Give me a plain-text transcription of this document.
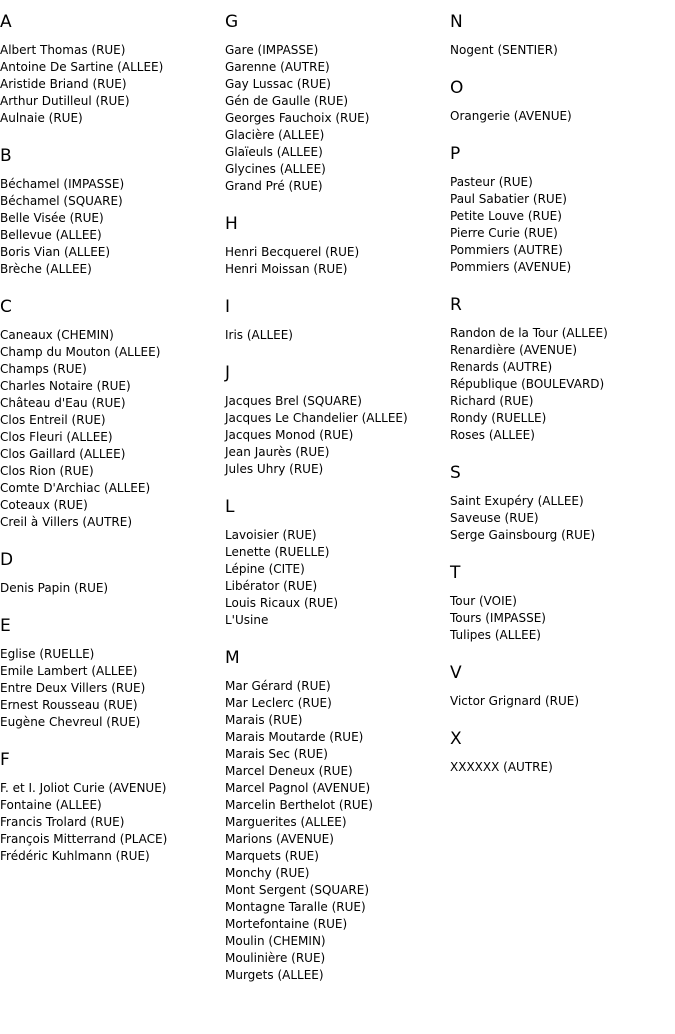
A
Albert Thomas (RUE)
Antoine De Sartine (ALLEE)
Aristide Briand (RUE)
Arthur Dutilleul (RUE)
Aulnaie (RUE)
B
Béchamel (IMPASSE)
Béchamel (SQUARE)
Belle Visée (RUE)
Bellevue (ALLEE)
Boris Vian (ALLEE)
Brèche (ALLEE)
C
Caneaux (CHEMIN)
Champ du Mouton (ALLEE)
Champs (RUE)
Charles Notaire (RUE)
Château d'Eau (RUE)
Clos Entreil (RUE)
Clos Fleuri (ALLEE)
Clos Gaillard (ALLEE)
Clos Rion (RUE)
Comte D'Archiac (ALLEE)
Coteaux (RUE)
Creil à Villers (AUTRE)
D
Denis Papin (RUE)
E
Eglise (RUELLE)
Emile Lambert (ALLEE)
Entre Deux Villers (RUE)
Ernest Rousseau (RUE)
Eugène Chevreul (RUE)
F
F. et I. Joliot Curie (AVENUE)
Fontaine (ALLEE)
Francis Trolard (RUE)
François Mitterrand (PLACE)
Frédéric Kuhlmann (RUE)
G
Gare (IMPASSE)
Garenne (AUTRE)
Gay Lussac (RUE)
Gén de Gaulle (RUE)
Georges Fauchoix (RUE)
Glacière (ALLEE)
Glaïeuls (ALLEE)
Glycines (ALLEE)
Grand Pré (RUE)
H
Henri Becquerel (RUE)
Henri Moissan (RUE)
I
Iris (ALLEE)
J
Jacques Brel (SQUARE)
Jacques Le Chandelier (ALLEE)
Jacques Monod (RUE)
Jean Jaurès (RUE)
Jules Uhry (RUE)
L
Lavoisier (RUE)
Lenette (RUELLE)
Lépine (CITE)
Libérator (RUE)
Louis Ricaux (RUE)
L'Usine
M
Mar Gérard (RUE)
Mar Leclerc (RUE)
Marais (RUE)
Marais Moutarde (RUE)
Marais Sec (RUE)
Marcel Deneux (RUE)
Marcel Pagnol (AVENUE)
Marcelin Berthelot (RUE)
Marguerites (ALLEE)
Marions (AVENUE)
Marquets (RUE)
Monchy (RUE)
Mont Sergent (SQUARE)
Montagne Taralle (RUE)
Mortefontaine (RUE)
Moulin (CHEMIN)
Moulinière (RUE)
Murgets (ALLEE)
N
Nogent (SENTIER)
O
Orangerie (AVENUE)
P
Pasteur (RUE)
Paul Sabatier (RUE)
Petite Louve (RUE)
Pierre Curie (RUE)
Pommiers (AUTRE)
Pommiers (AVENUE)
R
Randon de la Tour (ALLEE)
Renardière (AVENUE)
Renards (AUTRE)
République (BOULEVARD)
Richard (RUE)
Rondy (RUELLE)
Roses (ALLEE)
S
Saint Exupéry (ALLEE)
Saveuse (RUE)
Serge Gainsbourg (RUE)
T
Tour (VOIE)
Tours (IMPASSE)
Tulipes (ALLEE)
V
Victor Grignard (RUE)
X
XXXXXX (AUTRE)
